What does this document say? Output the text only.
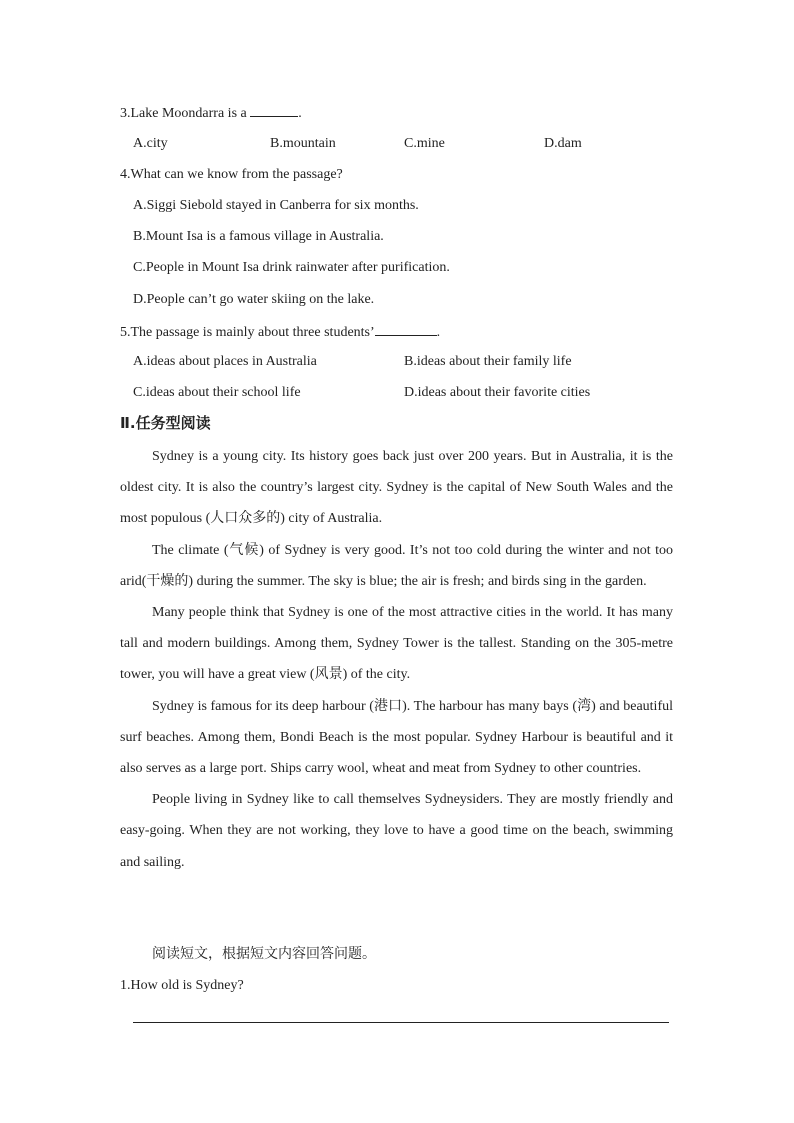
3.Lake Moondarra is a	.
A.city	B.mountain	C.mine	D.dam
4.What can we know from the passage?
A.Siggi Siebold stayed in Canberra for six months.
B.Mount Isa is a famous village in Australia.
C.People in Mount Isa drink rainwater after purification.
D.People can’t go water skiing on the lake.
5.The passage is mainly about three students’	.
A.ideas about places in Australia	B.ideas about their family life
C.ideas about their school life	D.ideas about their favorite cities
Ⅱ.任务型阅读

Sydney is a young city. Its history goes back just over 200 years. But in Australia, it is the oldest city. It is also the country’s largest city. Sydney is the capital of New South Wales and the most populous (人口众多的) city of Australia.

The climate (气候) of Sydney is very good. It’s not too cold during the winter and not too arid(干燥的) during the summer. The sky is blue; the air is fresh; and birds sing in the garden.

Many people think that Sydney is one of the most attractive cities in the world. It has many tall and modern buildings. Among them, Sydney Tower is the tallest. Standing on the 305-metre tower, you will have a great view (风景) of the city.

Sydney is famous for its deep harbour (港口). The harbour has many bays (湾) and beautiful surf beaches. Among them, Bondi Beach is the most popular. Sydney Harbour is beautiful and it also serves as a large port. Ships carry wool, wheat and meat from Sydney to other countries.

People living in Sydney like to call themselves Sydneysiders. They are mostly friendly and easy-going. When they are not working, they love to have a good time on the beach, swimming and sailing.

阅读短文，根据短文内容回答问题。
1.How old is Sydney?
